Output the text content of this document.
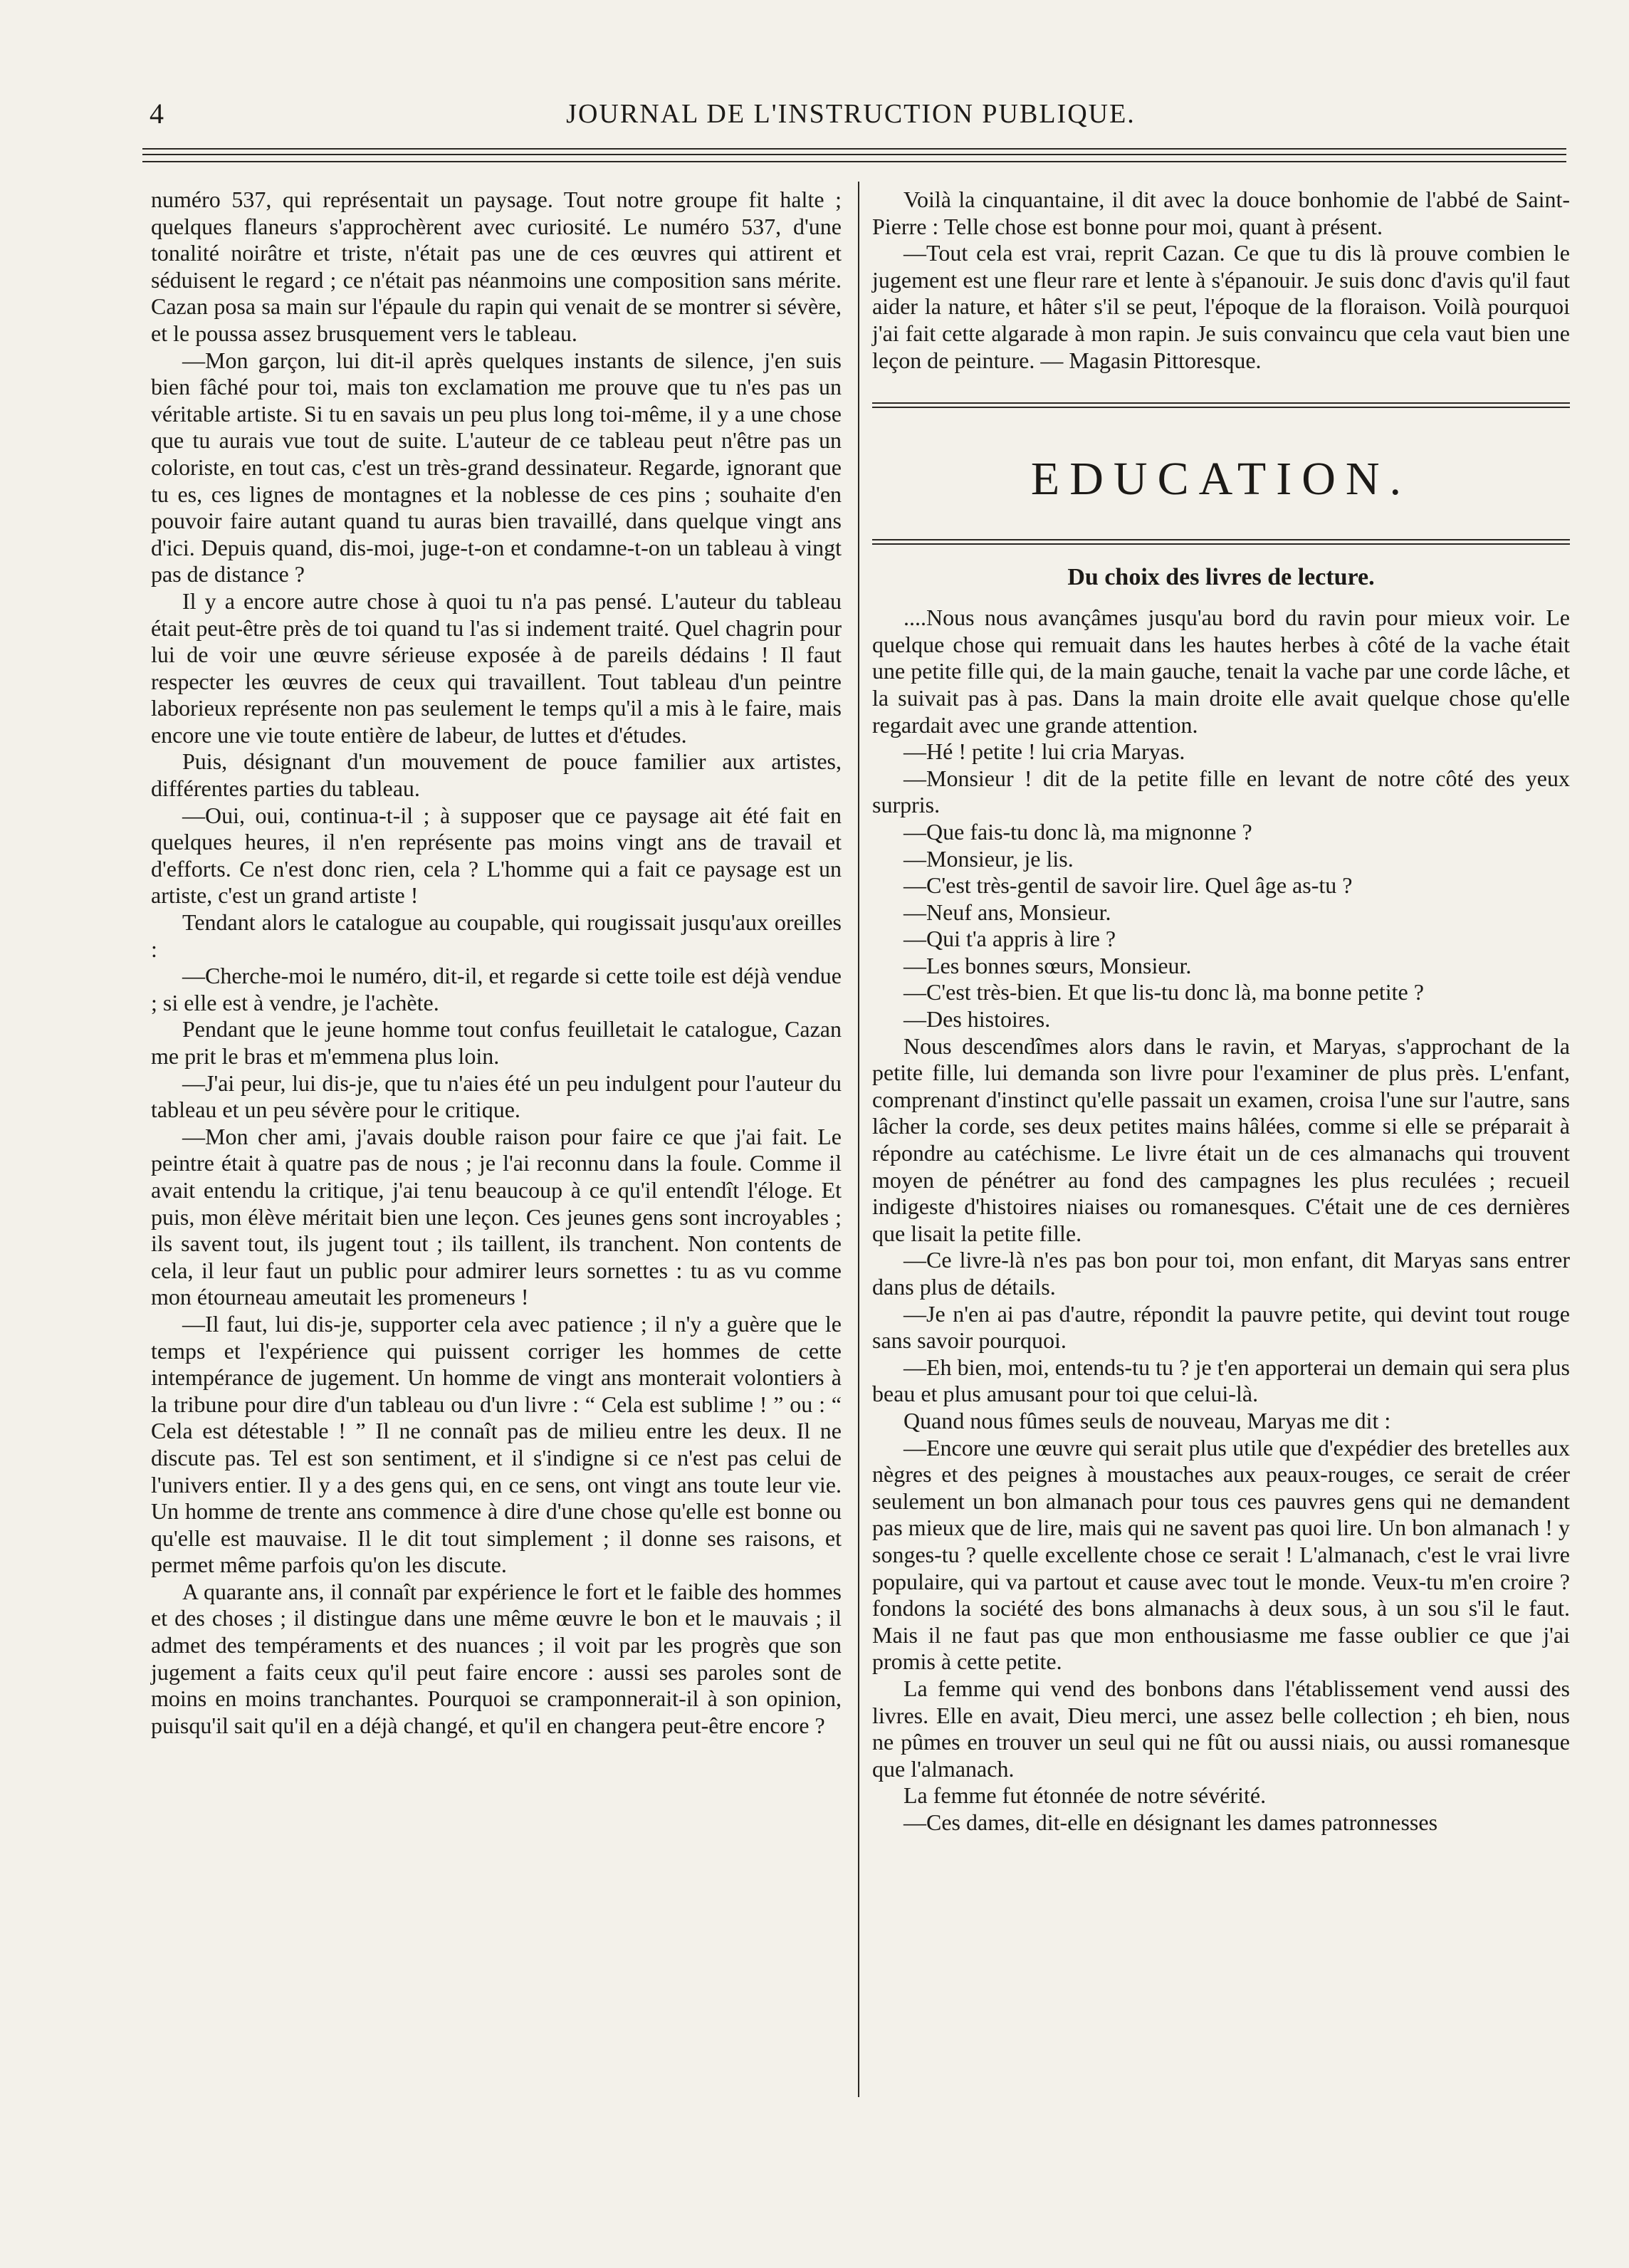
4	JOURNAL DE L'INSTRUCTION PUBLIQUE.

numéro 537, qui représentait un paysage. Tout notre groupe fit halte ; quelques flaneurs s'approchèrent avec curiosité. Le numéro 537, d'une tonalité noirâtre et triste, n'était pas une de ces œuvres qui attirent et séduisent le regard ; ce n'était pas néanmoins une composition sans mérite. Cazan posa sa main sur l'épaule du rapin qui venait de se montrer si sévère, et le poussa assez brusquement vers le tableau.

—Mon garçon, lui dit-il après quelques instants de silence, j'en suis bien fâché pour toi, mais ton exclamation me prouve que tu n'es pas un véritable artiste. Si tu en savais un peu plus long toi-même, il y a une chose que tu aurais vue tout de suite. L'auteur de ce tableau peut n'être pas un coloriste, en tout cas, c'est un très-grand dessinateur. Regarde, ignorant que tu es, ces lignes de montagnes et la noblesse de ces pins ; souhaite d'en pouvoir faire autant quand tu auras bien travaillé, dans quelque vingt ans d'ici. Depuis quand, dis-moi, juge-t-on et condamne-t-on un tableau à vingt pas de distance ?

Il y a encore autre chose à quoi tu n'a pas pensé. L'auteur du tableau était peut-être près de toi quand tu l'as si indement traité. Quel chagrin pour lui de voir une œuvre sérieuse exposée à de pareils dédains ! Il faut respecter les œuvres de ceux qui travaillent. Tout tableau d'un peintre laborieux représente non pas seulement le temps qu'il a mis à le faire, mais encore une vie toute entière de labeur, de luttes et d'études.

Puis, désignant d'un mouvement de pouce familier aux artistes, différentes parties du tableau.

—Oui, oui, continua-t-il ; à supposer que ce paysage ait été fait en quelques heures, il n'en représente pas moins vingt ans de travail et d'efforts. Ce n'est donc rien, cela ? L'homme qui a fait ce paysage est un artiste, c'est un grand artiste !

Tendant alors le catalogue au coupable, qui rougissait jusqu'aux oreilles :

—Cherche-moi le numéro, dit-il, et regarde si cette toile est déjà vendue ; si elle est à vendre, je l'achète.

Pendant que le jeune homme tout confus feuilletait le catalogue, Cazan me prit le bras et m'emmena plus loin.

—J'ai peur, lui dis-je, que tu n'aies été un peu indulgent pour l'auteur du tableau et un peu sévère pour le critique.

—Mon cher ami, j'avais double raison pour faire ce que j'ai fait. Le peintre était à quatre pas de nous ; je l'ai reconnu dans la foule. Comme il avait entendu la critique, j'ai tenu beaucoup à ce qu'il entendît l'éloge. Et puis, mon élève méritait bien une leçon. Ces jeunes gens sont incroyables ; ils savent tout, ils jugent tout ; ils taillent, ils tranchent. Non contents de cela, il leur faut un public pour admirer leurs sornettes : tu as vu comme mon étourneau ameutait les promeneurs !

—Il faut, lui dis-je, supporter cela avec patience ; il n'y a guère que le temps et l'expérience qui puissent corriger les hommes de cette intempérance de jugement. Un homme de vingt ans monterait volontiers à la tribune pour dire d'un tableau ou d'un livre : “ Cela est sublime ! ” ou : “ Cela est détestable ! ” Il ne connaît pas de milieu entre les deux. Il ne discute pas. Tel est son sentiment, et il s'indigne si ce n'est pas celui de l'univers entier. Il y a des gens qui, en ce sens, ont vingt ans toute leur vie. Un homme de trente ans commence à dire d'une chose qu'elle est bonne ou qu'elle est mauvaise. Il le dit tout simplement ; il donne ses raisons, et permet même parfois qu'on les discute.

A quarante ans, il connaît par expérience le fort et le faible des hommes et des choses ; il distingue dans une même œuvre le bon et le mauvais ; il admet des tempéraments et des nuances ; il voit par les progrès que son jugement a faits ceux qu'il peut faire encore : aussi ses paroles sont de moins en moins tranchantes. Pourquoi se cramponnerait-il à son opinion, puisqu'il sait qu'il en a déjà changé, et qu'il en changera peut-être encore ?

Voilà la cinquantaine, il dit avec la douce bonhomie de l'abbé de Saint-Pierre : Telle chose est bonne pour moi, quant à présent.

—Tout cela est vrai, reprit Cazan. Ce que tu dis là prouve combien le jugement est une fleur rare et lente à s'épanouir. Je suis donc d'avis qu'il faut aider la nature, et hâter s'il se peut, l'époque de la floraison. Voilà pourquoi j'ai fait cette algarade à mon rapin. Je suis convaincu que cela vaut bien une leçon de peinture. — Magasin Pittoresque.

EDUCATION.
Du choix des livres de lecture.

....Nous nous avançâmes jusqu'au bord du ravin pour mieux voir. Le quelque chose qui remuait dans les hautes herbes à côté de la vache était une petite fille qui, de la main gauche, tenait la vache par une corde lâche, et la suivait pas à pas. Dans la main droite elle avait quelque chose qu'elle regardait avec une grande attention.

—Hé ! petite ! lui cria Maryas.

—Monsieur ! dit de la petite fille en levant de notre côté des yeux surpris.

—Que fais-tu donc là, ma mignonne ?

—Monsieur, je lis.

—C'est très-gentil de savoir lire. Quel âge as-tu ?

—Neuf ans, Monsieur.

—Qui t'a appris à lire ?

—Les bonnes sœurs, Monsieur.

—C'est très-bien. Et que lis-tu donc là, ma bonne petite ?

—Des histoires.

Nous descendîmes alors dans le ravin, et Maryas, s'approchant de la petite fille, lui demanda son livre pour l'examiner de plus près. L'enfant, comprenant d'instinct qu'elle passait un examen, croisa l'une sur l'autre, sans lâcher la corde, ses deux petites mains hâlées, comme si elle se préparait à répondre au catéchisme. Le livre était un de ces almanachs qui trouvent moyen de pénétrer au fond des campagnes les plus reculées ; recueil indigeste d'histoires niaises ou romanesques. C'était une de ces dernières que lisait la petite fille.

—Ce livre-là n'es pas bon pour toi, mon enfant, dit Maryas sans entrer dans plus de détails.

—Je n'en ai pas d'autre, répondit la pauvre petite, qui devint tout rouge sans savoir pourquoi.

—Eh bien, moi, entends-tu tu ? je t'en apporterai un demain qui sera plus beau et plus amusant pour toi que celui-là.

Quand nous fûmes seuls de nouveau, Maryas me dit :

—Encore une œuvre qui serait plus utile que d'expédier des bretelles aux nègres et des peignes à moustaches aux peaux-rouges, ce serait de créer seulement un bon almanach pour tous ces pauvres gens qui ne demandent pas mieux que de lire, mais qui ne savent pas quoi lire. Un bon almanach ! y songes-tu ? quelle excellente chose ce serait ! L'almanach, c'est le vrai livre populaire, qui va partout et cause avec tout le monde. Veux-tu m'en croire ? fondons la société des bons almanachs à deux sous, à un sou s'il le faut. Mais il ne faut pas que mon enthousiasme me fasse oublier ce que j'ai promis à cette petite.

La femme qui vend des bonbons dans l'établissement vend aussi des livres. Elle en avait, Dieu merci, une assez belle collection ; eh bien, nous ne pûmes en trouver un seul qui ne fût ou aussi niais, ou aussi romanesque que l'almanach.

La femme fut étonnée de notre sévérité.

—Ces dames, dit-elle en désignant les dames patronnesses
